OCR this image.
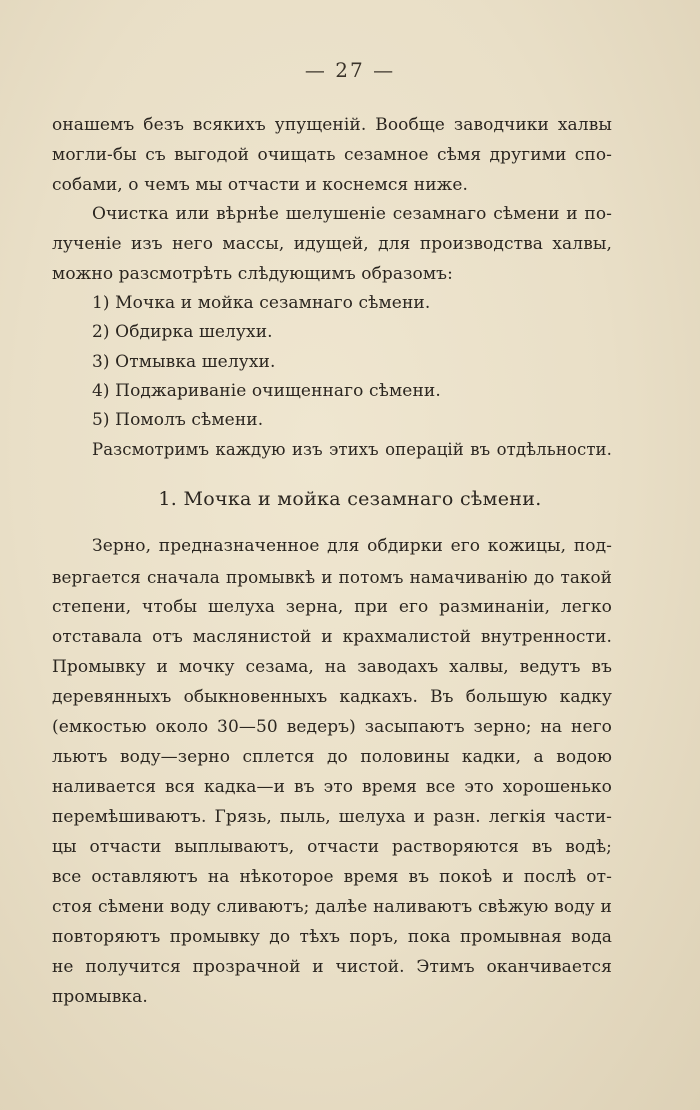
— 27 —
онашемъ безъ всякихъ упущеній. Вообще заводчики халвы
могли-бы съ выгодой очищать сезамное сѣмя другими спо-
собами, о чемъ мы отчасти и коснемся ниже.
Очистка или вѣрнѣе шелушеніе сезамнаго сѣмени и по-
лученіе изъ него массы, идущей, для производства халвы,
можно разсмотрѣть слѣдующимъ образомъ:
1) Мочка и мойка сезамнаго сѣмени.
2) Обдирка шелухи.
3) Отмывка шелухи.
4) Поджариваніе очищеннаго сѣмени.
5) Помолъ сѣмени.
Разсмотримъ каждую изъ этихъ операцій въ отдѣльности.
1. Мочка и мойка сезамнаго сѣмени.
Зерно, предназначенное для обдирки его кожицы, под-
вергается сначала промывкѣ и потомъ намачиванію до такой
степени, чтобы шелуха зерна, при его разминаніи, легко
отставала отъ маслянистой и крахмалистой внутренности.
Промывку и мочку сезама, на заводахъ халвы, ведутъ въ
деревянныхъ обыкновенныхъ кадкахъ. Въ большую кадку
(емкостью около 30—50 ведеръ) засыпаютъ зерно; на него
льютъ воду—зерно сплется до половины кадки, а водою
наливается вся кадка—и въ это время все это хорошенько
перемѣшиваютъ. Грязь, пыль, шелуха и разн. легкія части-
цы отчасти выплываютъ, отчасти растворяются въ водѣ;
все оставляютъ на нѣкоторое время въ покоѣ и послѣ от-
стоя сѣмени воду сливаютъ; далѣе наливаютъ свѣжую воду и
повторяютъ промывку до тѣхъ поръ, пока промывная вода
не получится прозрачной и чистой. Этимъ оканчивается
промывка.
